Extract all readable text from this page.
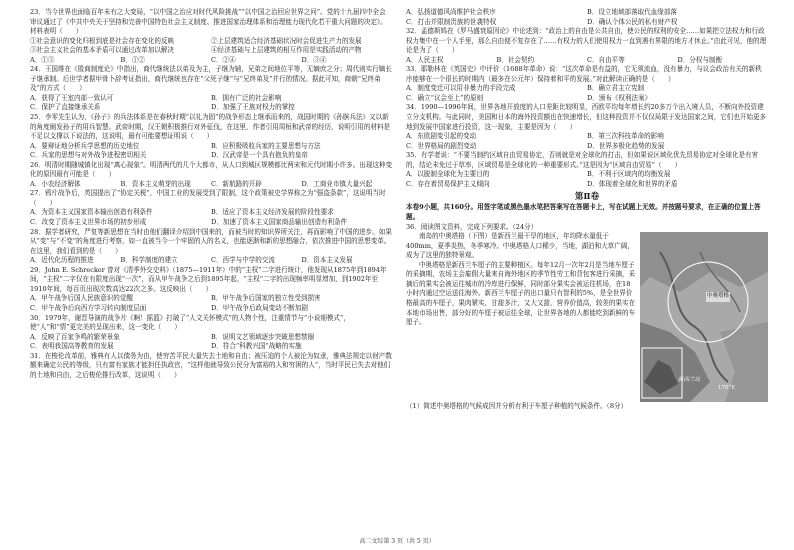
23．当今世界也面临百年未有之大变局，“以中国之治应对时代风险挑战”“以中国之治回应世界之问”。党的十九届四中全会审议通过了《中共中央关于坚持和完善中国特色社会主义制度、推进国家治理体系和治理能力现代化若干重大问题的决定》。材料表明（　　）

①社会意识的变化归根到底是社会存在变化的反映	②上层建筑适合经济基础状况时会促进生产力的发展
③社会主义社会的基本矛盾可以通过改革加以解决	④经济基础与上层建筑的相互作用是实践活动的产物
A．①③	B．①②	C．②④	D．③④

24．王国维在《殷商制度论》中指出，商代继统法以弟及为主，子继为辅，兄弟之间地位平等，无嫡庶之分；周代则实行嫡长子继承制。后世学者据甲骨卜辞考证指出，商代继统也存在“父死子继”与“兄终弟及”并行的情况。据此可知，商朝“兄终弟及”的方式（　　）

A．获得了王室内部一致认可	B．拥有广泛的社会影响
C．保护了直接继承关系	D．加强了王族对权力的掌控

25．李零先生认为，《孙子》的兵法体系是在春秋时期“以礼为固”的战争形态上继承而来的，战国时期的《孙膑兵法》又以新的角度阐发孙子的用兵智慧。武帝时期，汉王朝积极推行对外征伐，在这里，作者引用周桓和武帝的经历，说明引用的材料是不足以支撑以下说法的，这说明，最有可能要想证明说（　　）

A．要辩证地分析兵学思想的历史地位	B．应积极吸收兵家的主要思想与方法
C．兵家的思想与对外战争进程密切相关	D．汉武帝是一个具有抱负的皇帝

26．明清时期随城镇化出现“离心现象”。明清两代的几个大都市，从人口到城区规模都比两宋和元代时期小许多。出现这种变化的原因最有可能是（　　）

A．小农经济解体	B．资本主义萌芽的出现	C．新航路的开辟	D．工商业市镇大量兴起

27．鸦片战争后，英国提出了“协定关税”，中国工业的发展受到了限制，这个政策被史学界称之为“强盗条款”，这说明当时（　　）

A．为资本主义国家资本输出创造有利条件	B．适应了资本主义经济发展的阶段性要求
C．改变了资本主义世界市场的初步形成	D．加速了资本主义国家商品输出创造有利条件

28．据学者研究，严复等新思想在当时由他们翻译介绍到中国来的，而被当时的知识界所关注，再而影响了中国的进步。如果从“变”与“不变”的角度进行考察，如一直被当今一个牢固的人的名义，也能逐渐和新的思想融合，依次推进中国的思想变革。在这里，我们看到的是（　　）

A．近代化历程的推进	B．科学制度的建立	C．西学与中学的交流	D．资本主义发展

29．John E. Schrecker 曾对《清季外交史料》（1875—1911年）中的“主权”二字进行统计，他发现从1875年到1894年间，“主权”二字仅在有限度出现“一次”，而从甲午战争之后到1895年起，“主权”二字的出现频率明显增加，到1902年至1910年间，每百页出现次数高达22次之多。这反映出（　　）

A．甲午战争后国人民族意识的觉醒	B．甲午战争后国家的独立性受到损害
C．甲午战争后向西方学习转向制度层面	D．甲午战争后政局变动不断加剧

30．1979年，谢晋导演的战争片《啊！摇篮》打破了“人文关怀模式”的人物个性，注重情节与“小说细模式”，使“人”和“情”更完美的呈现出来，这一变化（　　）

A．反映了百家争鸣的繁荣景象	B．说明文艺领域逐步突破思想禁锢
C．表明我国高等教育的发展	D．符合“科教兴国”战略的实施

31．在梭伦改革前，雅典有人以债务为由，使穷苦平民大量失去土地和自由；被压迫的个人被沦为奴隶，雅典法规定以财产数额来确定公民的等级，只有富有家族才能担任执政官，“这样他就导致公民分为富裕的人和穷困的人”，当时平民已失去对他们的土地和自由，之后梭伦推行改革，这说明（　　）

A．弘扬道德风尚维护社会秩序	B．设立地域部落取代血缘部落
C．打击并限制贵族的世袭特权	D．确认个体公民的私有财产权

32．孟德斯鸠在《罗马盛衰原因论》中论述到：“政治上的自由是公共自由，使公民的权利的安全……如果把立法权力和行政权力集中在一个人手里，那么自由便不复存在了……有权力的人们使用权力一直到遇有界限的地方才休止。”由此可见，他的理论是为了（　　）

A．人民主权	B．社会契约	C．自由平等	D．分权与制衡

33．耶勒林在《英国史》中评价（1688年革命）说：“这次革命是有益的，它无须流血，没有暴力，与议会政治有关的新秩序能够在一个很长的时期内（最多在公元年）保持着和平的发展。”对此解读正确的是（　　）

A．制度变迁可以用非暴力的手段完成	B．确立君主立宪制
C．确立“议会至上”的原则	D．颁布《权利法案》

34．1990—1996年间，世界各地开放度的人口差距比较明显，西欧平均每年增长约20多万个出入境人员，不断向外投资建立分支机构。与此同时，美国和日本的海外投资额也在快速增长，但这种投资并不仅仅局限于发达国家之间，它们也开始更多地到发展中国家进行投资，这一现象，主要是因为（　　）

A．东欧剧变引起的变动	B．第三次科技革命的影响
C．世界格局的剧烈变动	D．世界多极化趋势的发展

35．有学者说：“不要当制约区域自由贸易协定，否则就是对全球化的打击，但如果说区域化优先贸易协定对全球化是有害的，结论未免过于草率，区域贸易是全球化的一种重要形式。”这是因为“区域自由贸易”（　　）

A．以脱制全球化为主要目的	B．不利于区域内的均衡发展
C．存在着贸易保护主义倾向	D．体现着全球化和世界的矛盾
第Ⅱ卷
本卷9小题，共160分。用签字笔或黑色墨水笔把答案写在答题卡上，写在试题上无效。并按题号要求，在正确的位置上答题。

36．阅读图文资料，完成下列要求。（24分）

南岛的中奥塔格（下图）是新西兰最干旱的地区，年均降水量低于400mm，夏季炎热，冬季寒冷。中奥塔格人口稀少，当地，湖泊和大草广阔，成为了这里的独特景观。

中奥塔格是新西兰车厘子的主要种植区。每年12月一次年2月是当地车厘子的采摘期，农场主会雇佣大量来自海外地区的季节性劳工和背包客进行采摘，采摘后的果实会被运往城市的冷库进行保鲜，同时部分果实会被运往机场，在18小时内通过空运送往海外。新西兰车厘子的出口量只有智利的5%，是全世界价格最高的车厘子，果肉紧实，甘甜多汁，又大又甜，营养价值高，较差的果实在本地市场出售，部分好的车厘子被运往全球，让世界各地的人都能吃到新鲜的车厘子。

中奥塔格
新西兰岛
170°E

（1）简述中奥塔格的气候成因并分析有利于车厘子种植的气候条件。（8分）

高二文综第 3 页（共 5 页）
